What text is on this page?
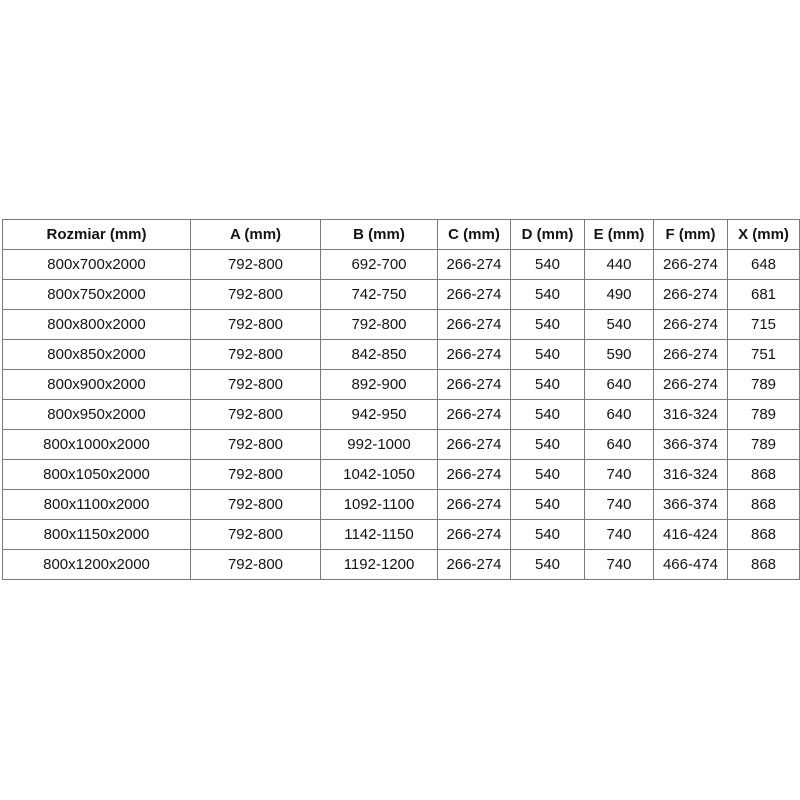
Rozmiar (mm)	A (mm)	B (mm)	C (mm)	D (mm)	E (mm)	F (mm)	X (mm)
800x700x2000	792-800	692-700	266-274	540	440	266-274	648
800x750x2000	792-800	742-750	266-274	540	490	266-274	681
800x800x2000	792-800	792-800	266-274	540	540	266-274	715
800x850x2000	792-800	842-850	266-274	540	590	266-274	751
800x900x2000	792-800	892-900	266-274	540	640	266-274	789
800x950x2000	792-800	942-950	266-274	540	640	316-324	789
800x1000x2000	792-800	992-1000	266-274	540	640	366-374	789
800x1050x2000	792-800	1042-1050	266-274	540	740	316-324	868
800x1100x2000	792-800	1092-1100	266-274	540	740	366-374	868
800x1150x2000	792-800	1142-1150	266-274	540	740	416-424	868
800x1200x2000	792-800	1192-1200	266-274	540	740	466-474	868
